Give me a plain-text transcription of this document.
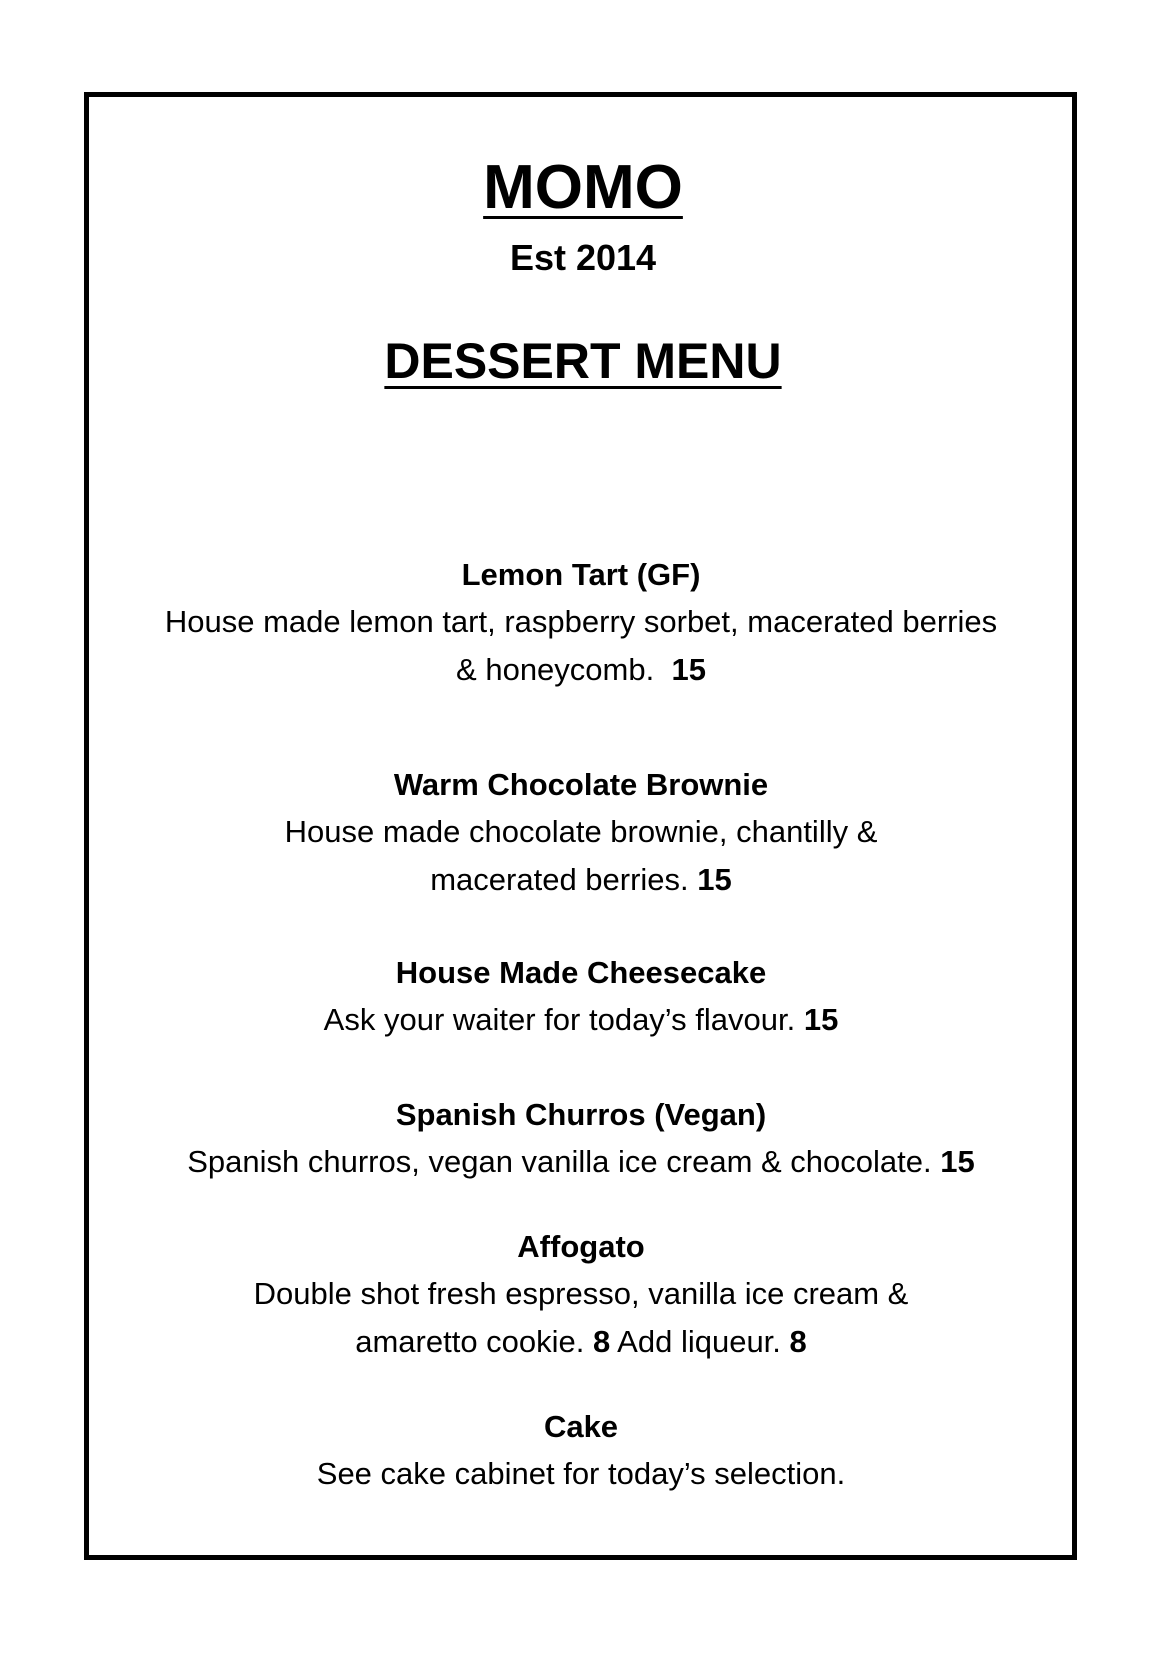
MOMO
Est 2014
DESSERT MENU
Lemon Tart (GF)
House made lemon tart, raspberry sorbet, macerated berries
& honeycomb. 15
Warm Chocolate Brownie
House made chocolate brownie, chantilly &
macerated berries. 15
House Made Cheesecake
Ask your waiter for today’s flavour. 15
Spanish Churros (Vegan)
Spanish churros, vegan vanilla ice cream & chocolate. 15
Affogato
Double shot fresh espresso, vanilla ice cream &
amaretto cookie. 8 Add liqueur. 8
Cake
See cake cabinet for today’s selection.
